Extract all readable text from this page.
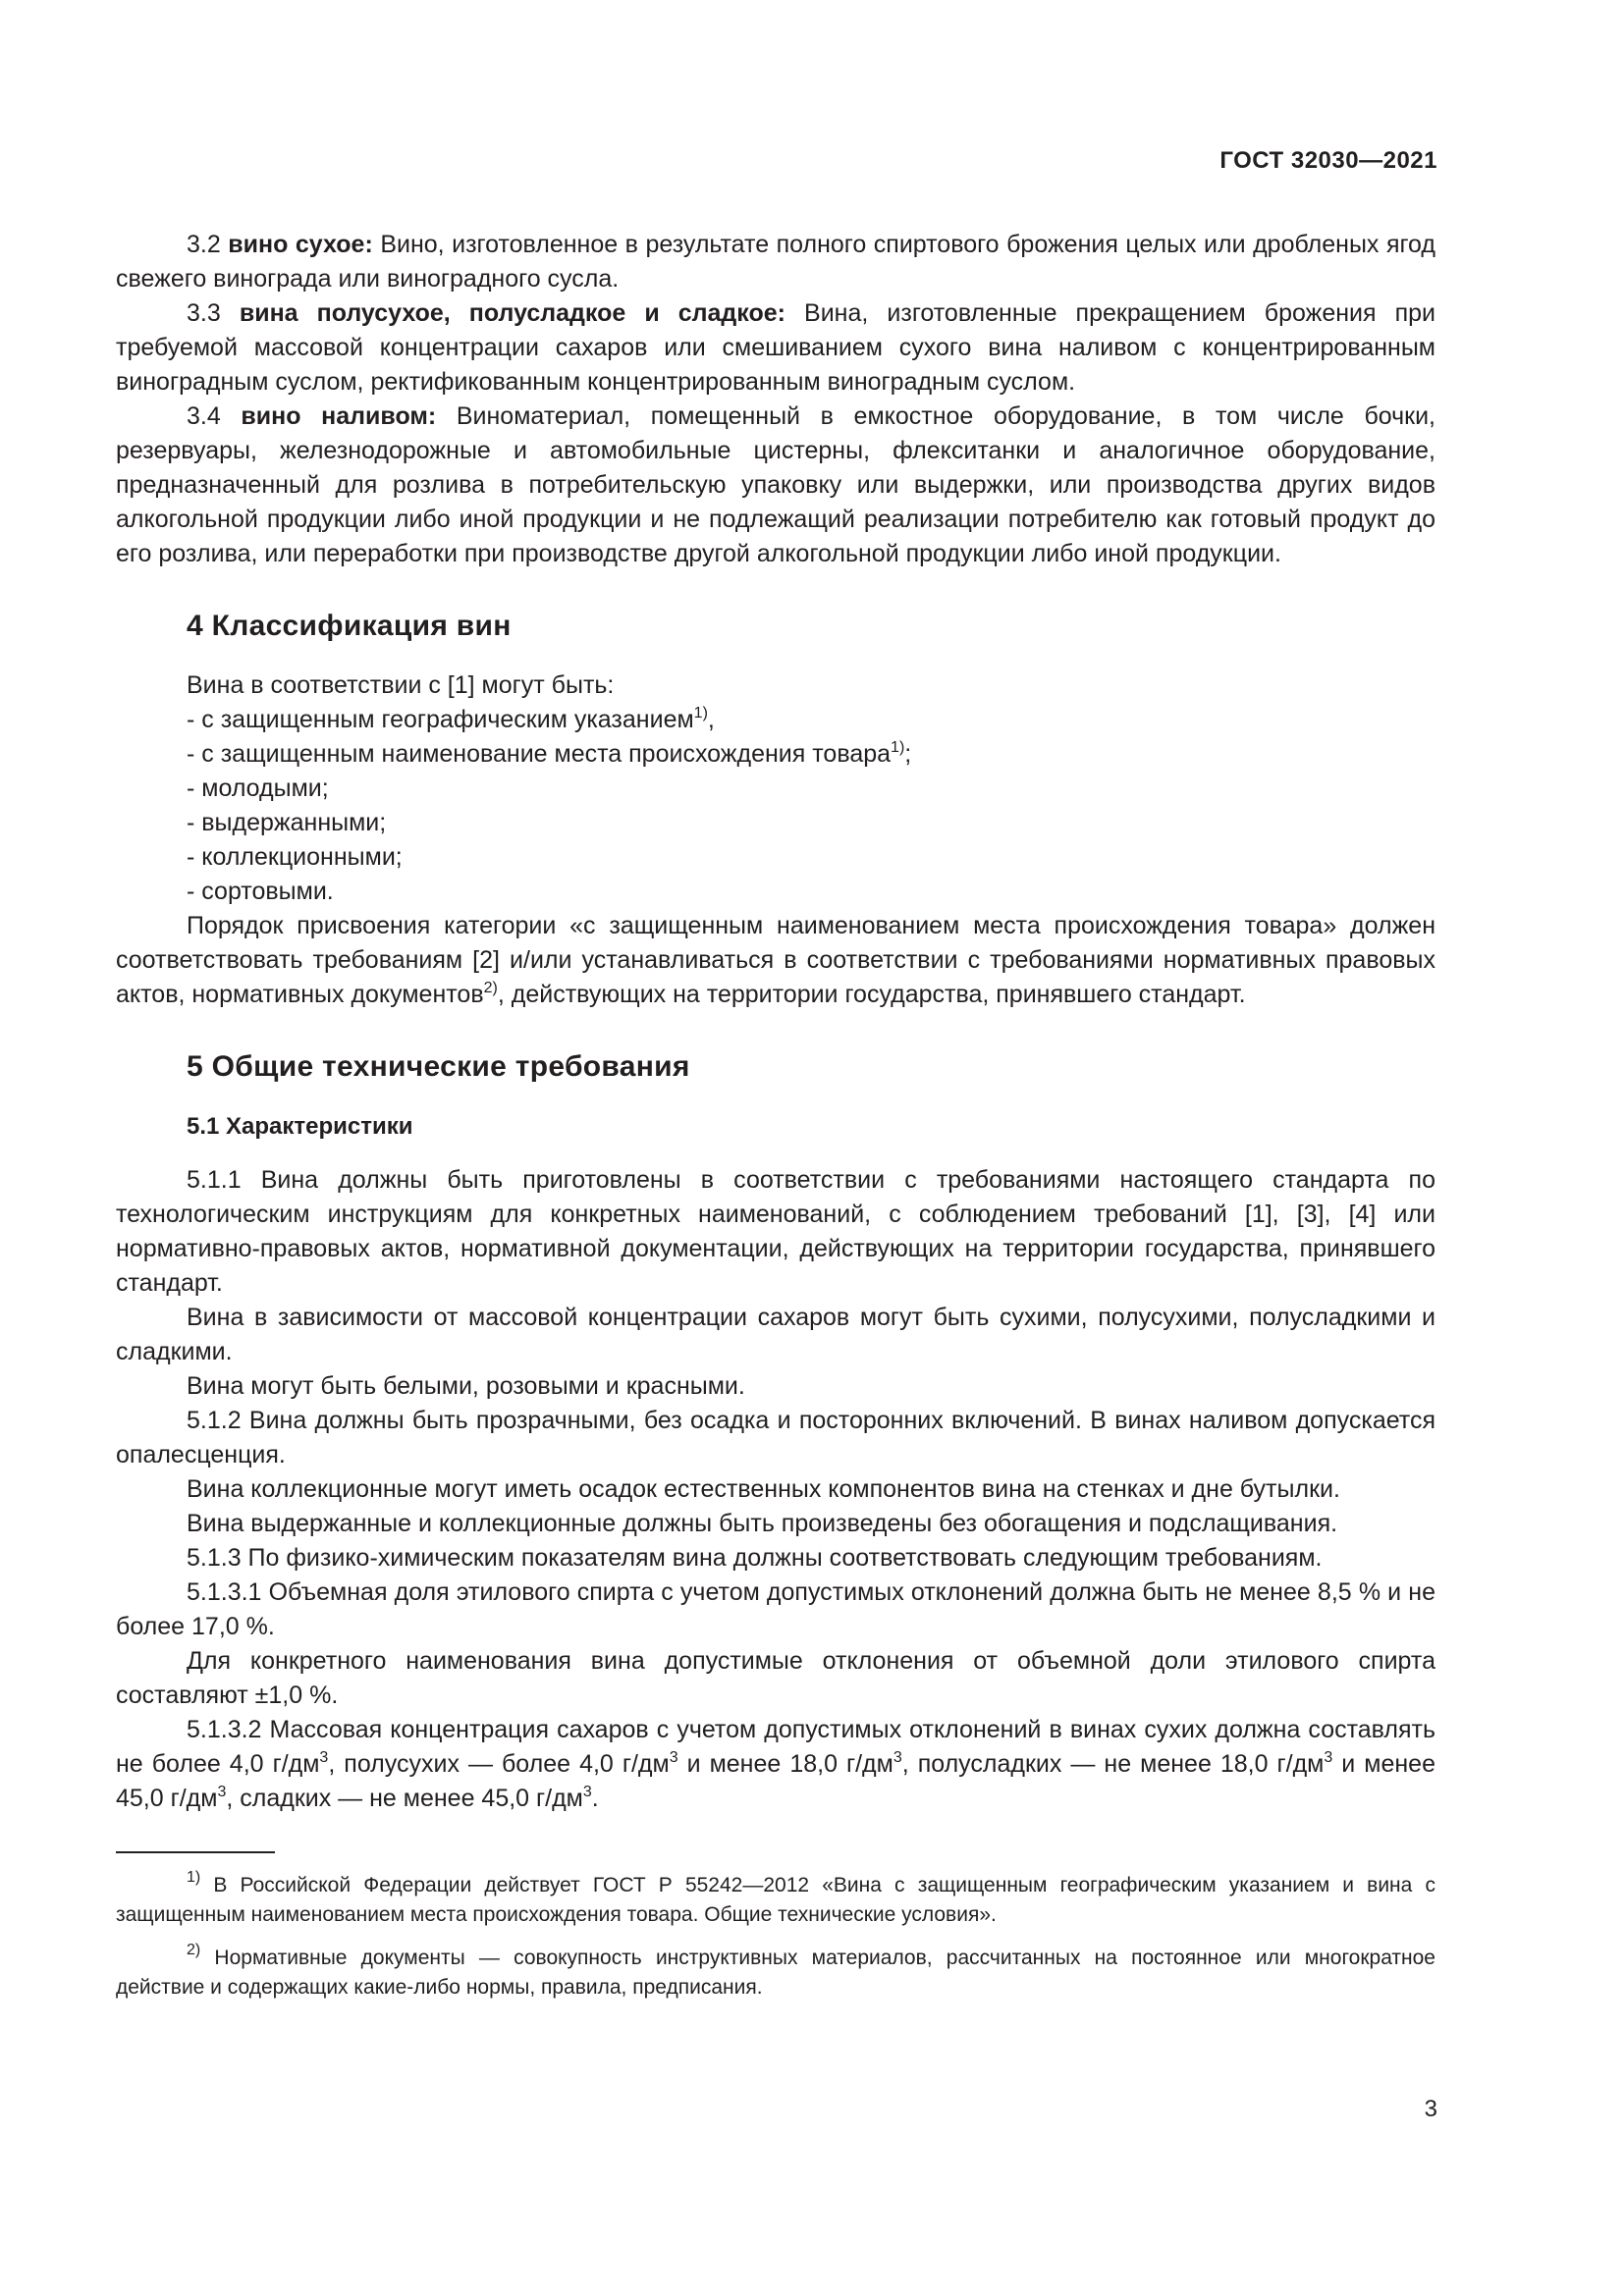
ГОСТ 32030—2021

3.2 вино сухое: Вино, изготовленное в результате полного спиртового брожения целых или дробленых ягод свежего винограда или виноградного сусла.

3.3 вина полусухое, полусладкое и сладкое: Вина, изготовленные прекращением брожения при требуемой массовой концентрации сахаров или смешиванием сухого вина наливом с концентрированным виноградным суслом, ректификованным концентрированным виноградным суслом.

3.4 вино наливом: Виноматериал, помещенный в емкостное оборудование, в том числе бочки, резервуары, железнодорожные и автомобильные цистерны, флекситанки и аналогичное оборудование, предназначенный для розлива в потребительскую упаковку или выдержки, или производства других видов алкогольной продукции либо иной продукции и не подлежащий реализации потребителю как готовый продукт до его розлива, или переработки при производстве другой алкогольной продукции либо иной продукции.

4 Классификация вин

Вина в соответствии с [1] могут быть:

- с защищенным географическим указанием$^{1)}$,

- с защищенным наименование места происхождения товара$^{1)}$;

- молодыми;

- выдержанными;

- коллекционными;

- сортовыми.

Порядок присвоения категории «с защищенным наименованием места происхождения товара» должен соответствовать требованиям [2] и/или устанавливаться в соответствии с требованиями нормативных правовых актов, нормативных документов$^{2)}$, действующих на территории государства, принявшего стандарт.

5 Общие технические требования
5.1 Характеристики

5.1.1 Вина должны быть приготовлены в соответствии с требованиями настоящего стандарта по технологическим инструкциям для конкретных наименований, с соблюдением требований [1], [3], [4] или нормативно-правовых актов, нормативной документации, действующих на территории государства, принявшего стандарт.

Вина в зависимости от массовой концентрации сахаров могут быть сухими, полусухими, полусладкими и сладкими.

Вина могут быть белыми, розовыми и красными.

5.1.2 Вина должны быть прозрачными, без осадка и посторонних включений. В винах наливом допускается опалесценция.

Вина коллекционные могут иметь осадок естественных компонентов вина на стенках и дне бутылки.

Вина выдержанные и коллекционные должны быть произведены без обогащения и подслащивания.

5.1.3 По физико-химическим показателям вина должны соответствовать следующим требованиям.

5.1.3.1 Объемная доля этилового спирта с учетом допустимых отклонений должна быть не менее 8,5 % и не более 17,0 %.

Для конкретного наименования вина допустимые отклонения от объемной доли этилового спирта составляют ±1,0 %.

5.1.3.2 Массовая концентрация сахаров с учетом допустимых отклонений в винах сухих должна составлять не более 4,0 $г/дм^3$, полусухих — более 4,0 $г/дм^3$ и менее 18,0 $г/дм^3$, полусладких — не менее 18,0 $г/дм^3$ и менее 45,0 $г/дм^3$, сладких — не менее 45,0 $г/дм^3$.

$^{1)}$ В Российской Федерации действует ГОСТ Р 55242—2012 «Вина с защищенным географическим указанием и вина с защищенным наименованием места происхождения товара. Общие технические условия».
$^{2)}$ Нормативные документы — совокупность инструктивных материалов, рассчитанных на постоянное или многократное действие и содержащих какие-либо нормы, правила, предписания.
3
